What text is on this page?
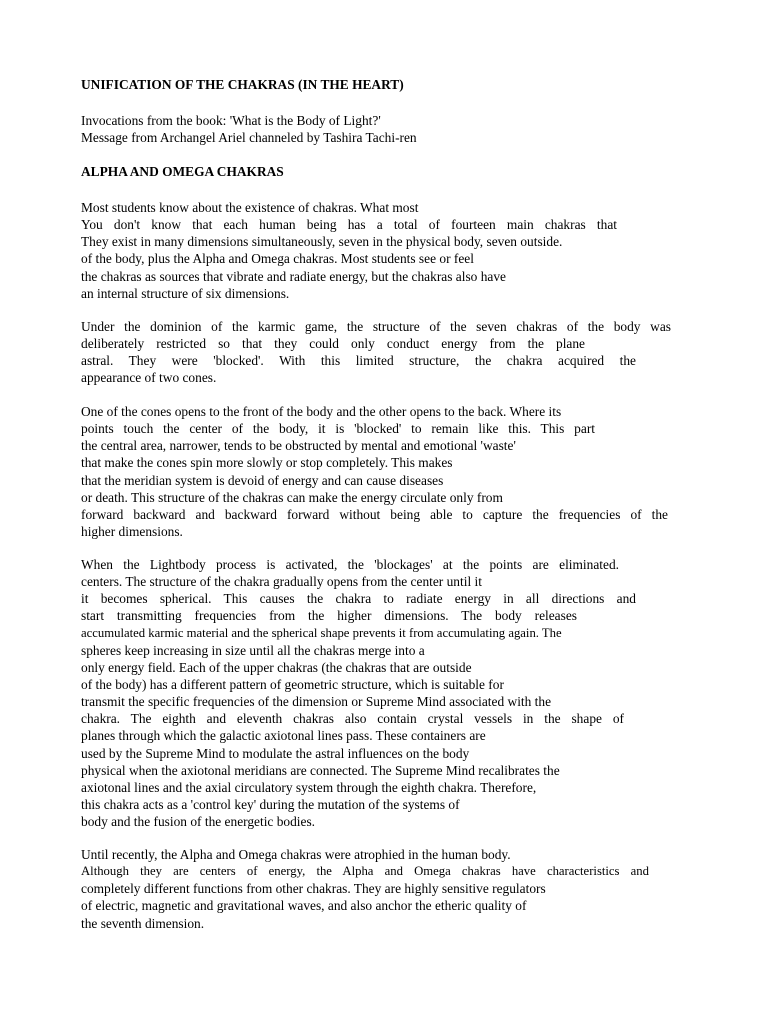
UNIFICATION OF THE CHAKRAS (IN THE HEART)
Invocations from the book: 'What is the Body of Light?'
Message from Archangel Ariel channeled by Tashira Tachi-ren
ALPHA AND OMEGA CHAKRAS
Most students know about the existence of chakras. What most
You don't know that each human being has a total of fourteen main chakras that
They exist in many dimensions simultaneously, seven in the physical body, seven outside.
of the body, plus the Alpha and Omega chakras. Most students see or feel
the chakras as sources that vibrate and radiate energy, but the chakras also have
an internal structure of six dimensions.
Under the dominion of the karmic game, the structure of the seven chakras of the body was
deliberately restricted so that they could only conduct energy from the plane
astral. They were 'blocked'. With this limited structure, the chakra acquired the
appearance of two cones.
One of the cones opens to the front of the body and the other opens to the back. Where its
points touch the center of the body, it is 'blocked' to remain like this. This part
the central area, narrower, tends to be obstructed by mental and emotional 'waste'
that make the cones spin more slowly or stop completely. This makes
that the meridian system is devoid of energy and can cause diseases
or death. This structure of the chakras can make the energy circulate only from
forward backward and backward forward without being able to capture the frequencies of the
higher dimensions.
When the Lightbody process is activated, the 'blockages' at the points are eliminated.
centers. The structure of the chakra gradually opens from the center until it
it becomes spherical. This causes the chakra to radiate energy in all directions and
start transmitting frequencies from the higher dimensions. The body releases
accumulated karmic material and the spherical shape prevents it from accumulating again. The
spheres keep increasing in size until all the chakras merge into a
only energy field. Each of the upper chakras (the chakras that are outside
of the body) has a different pattern of geometric structure, which is suitable for
transmit the specific frequencies of the dimension or Supreme Mind associated with the
chakra. The eighth and eleventh chakras also contain crystal vessels in the shape of
planes through which the galactic axiotonal lines pass. These containers are
used by the Supreme Mind to modulate the astral influences on the body
physical when the axiotonal meridians are connected. The Supreme Mind recalibrates the
axiotonal lines and the axial circulatory system through the eighth chakra. Therefore,
this chakra acts as a 'control key' during the mutation of the systems of
body and the fusion of the energetic bodies.
Until recently, the Alpha and Omega chakras were atrophied in the human body.
Although they are centers of energy, the Alpha and Omega chakras have characteristics and
completely different functions from other chakras. They are highly sensitive regulators
of electric, magnetic and gravitational waves, and also anchor the etheric quality of
the seventh dimension.
